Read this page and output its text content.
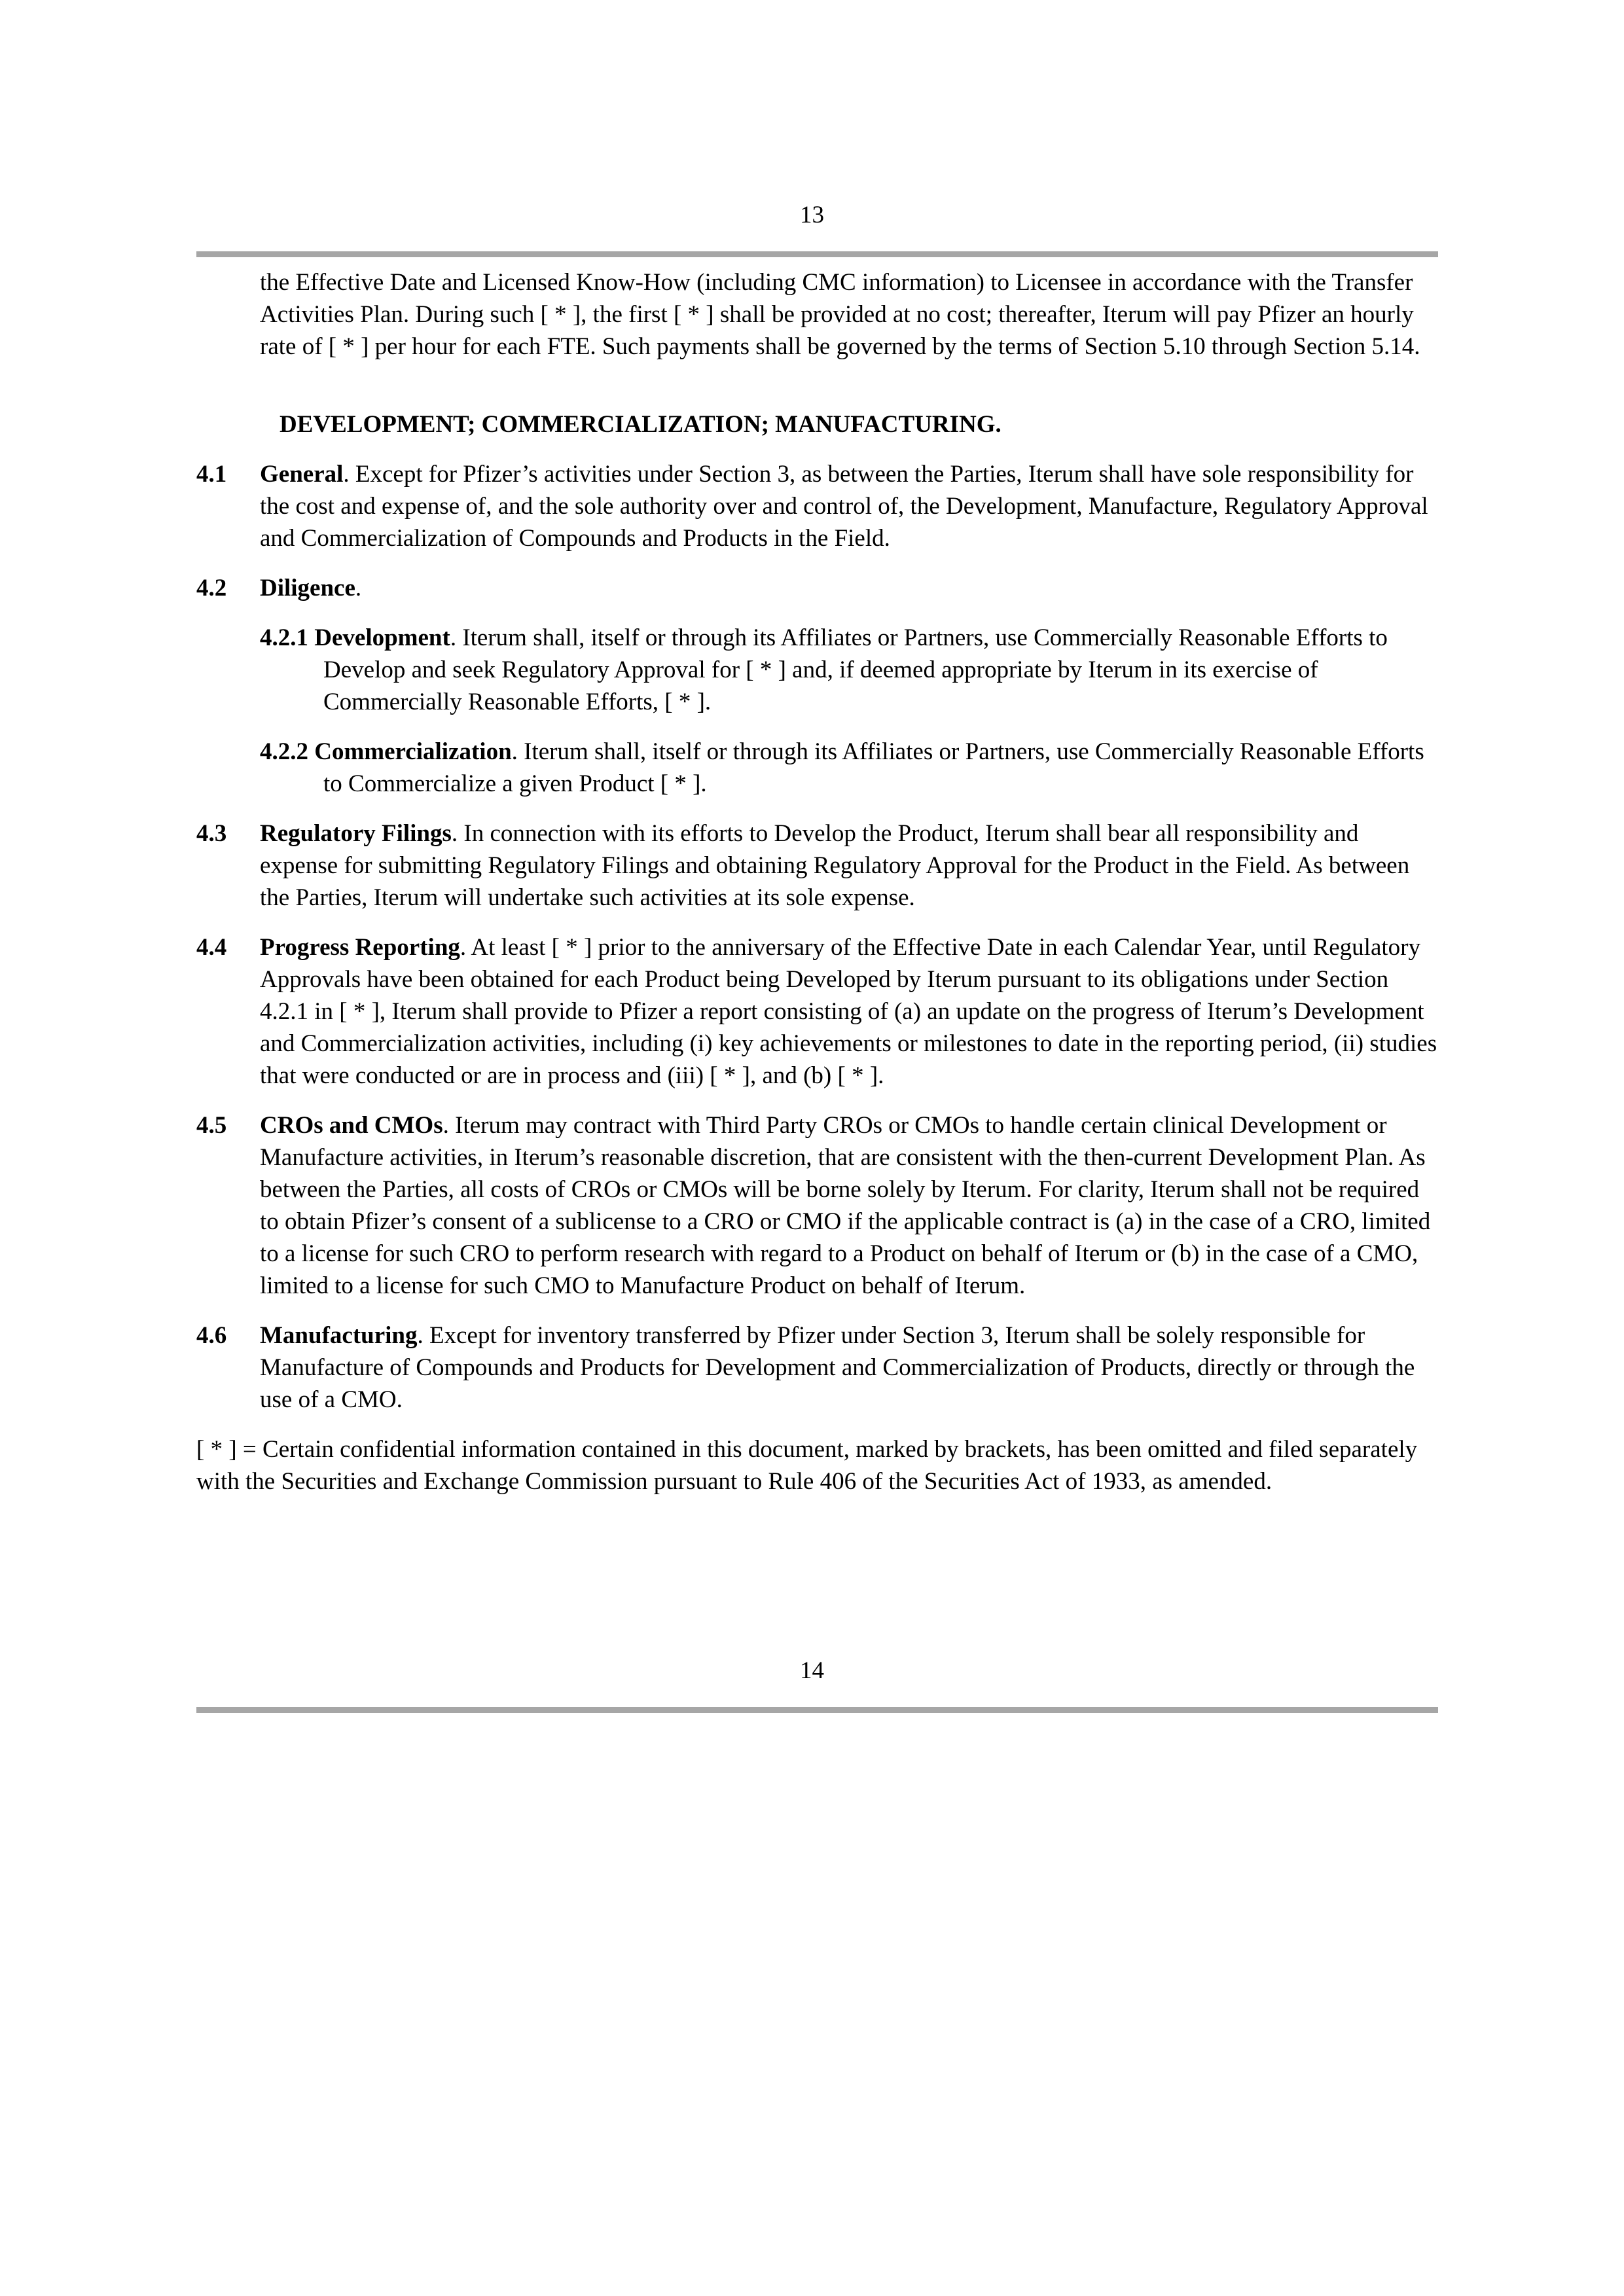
13

the Effective Date and Licensed Know-How (including CMC information) to Licensee in accordance with the Transfer Activities Plan. During such [ * ], the first [ * ] shall be provided at no cost; thereafter, Iterum will pay Pfizer an hourly rate of [ * ] per hour for each FTE. Such payments shall be governed by the terms of Section 5.10 through Section 5.14.

DEVELOPMENT; COMMERCIALIZATION; MANUFACTURING.

4.1 General. Except for Pfizer’s activities under Section 3, as between the Parties, Iterum shall have sole responsibility for the cost and expense of, and the sole authority over and control of, the Development, Manufacture, Regulatory Approval and Commercialization of Compounds and Products in the Field.
4.2 Diligence.

4.2.1 Development. Iterum shall, itself or through its Affiliates or Partners, use Commercially Reasonable Efforts to Develop and seek Regulatory Approval for [ * ] and, if deemed appropriate by Iterum in its exercise of Commercially Reasonable Efforts, [ * ].

4.2.2 Commercialization. Iterum shall, itself or through its Affiliates or Partners, use Commercially Reasonable Efforts to Commercialize a given Product [ * ].

4.3 Regulatory Filings. In connection with its efforts to Develop the Product, Iterum shall bear all responsibility and expense for submitting Regulatory Filings and obtaining Regulatory Approval for the Product in the Field. As between the Parties, Iterum will undertake such activities at its sole expense.
4.4 Progress Reporting. At least [ * ] prior to the anniversary of the Effective Date in each Calendar Year, until Regulatory Approvals have been obtained for each Product being Developed by Iterum pursuant to its obligations under Section 4.2.1 in [ * ], Iterum shall provide to Pfizer a report consisting of (a) an update on the progress of Iterum’s Development and Commercialization activities, including (i) key achievements or milestones to date in the reporting period, (ii) studies that were conducted or are in process and (iii) [ * ], and (b) [ * ].
4.5 CROs and CMOs. Iterum may contract with Third Party CROs or CMOs to handle certain clinical Development or Manufacture activities, in Iterum’s reasonable discretion, that are consistent with the then-current Development Plan. As between the Parties, all costs of CROs or CMOs will be borne solely by Iterum. For clarity, Iterum shall not be required to obtain Pfizer’s consent of a sublicense to a CRO or CMO if the applicable contract is (a) in the case of a CRO, limited to a license for such CRO to perform research with regard to a Product on behalf of Iterum or (b) in the case of a CMO, limited to a license for such CMO to Manufacture Product on behalf of Iterum.
4.6 Manufacturing. Except for inventory transferred by Pfizer under Section 3, Iterum shall be solely responsible for Manufacture of Compounds and Products for Development and Commercialization of Products, directly or through the use of a CMO.

[ * ] = Certain confidential information contained in this document, marked by brackets, has been omitted and filed separately with the Securities and Exchange Commission pursuant to Rule 406 of the Securities Act of 1933, as amended.

14
